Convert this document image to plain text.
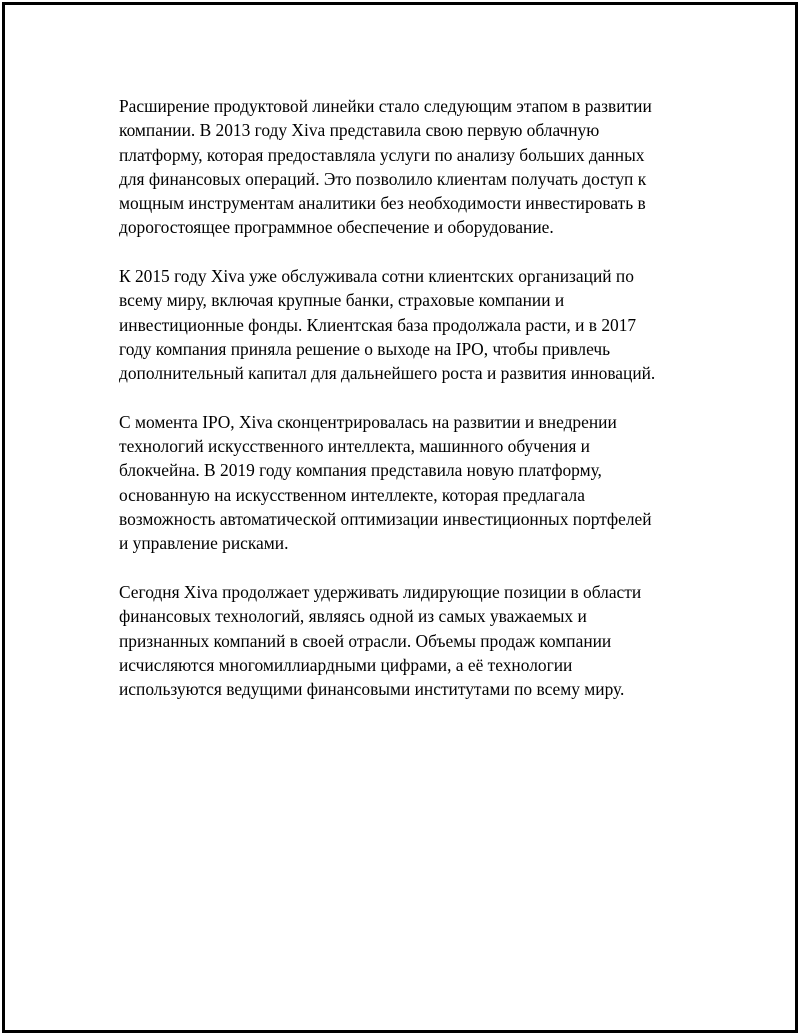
Расширение продуктовой линейки стало следующим этапом в развитии
компании. В 2013 году Xiva представила свою первую облачную
платформу, которая предоставляла услуги по анализу больших данных
для финансовых операций. Это позволило клиентам получать доступ к
мощным инструментам аналитики без необходимости инвестировать в
дорогостоящее программное обеспечение и оборудование.

К 2015 году Xiva уже обслуживала сотни клиентских организаций по
всему миру, включая крупные банки, страховые компании и
инвестиционные фонды. Клиентская база продолжала расти, и в 2017
году компания приняла решение о выходе на IPO, чтобы привлечь
дополнительный капитал для дальнейшего роста и развития инноваций.

С момента IPO, Xiva сконцентрировалась на развитии и внедрении
технологий искусственного интеллекта, машинного обучения и
блокчейна. В 2019 году компания представила новую платформу,
основанную на искусственном интеллекте, которая предлагала
возможность автоматической оптимизации инвестиционных портфелей
и управление рисками.

Сегодня Xiva продолжает удерживать лидирующие позиции в области
финансовых технологий, являясь одной из самых уважаемых и
признанных компаний в своей отрасли. Объемы продаж компании
исчисляются многомиллиардными цифрами, а её технологии
используются ведущими финансовыми институтами по всему миру.
